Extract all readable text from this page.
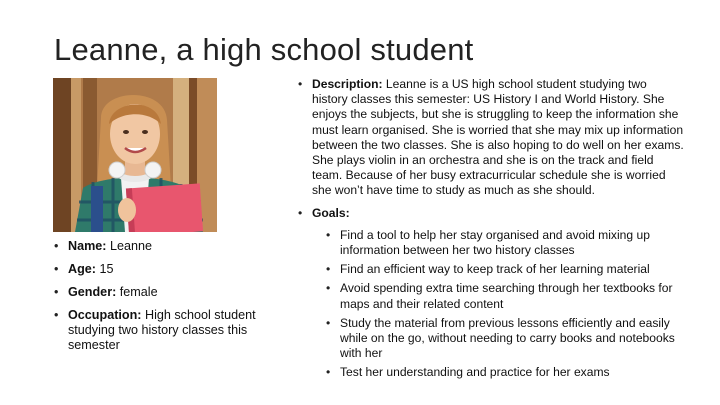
Leanne, a high school student
• Name: Leanne
• Age: 15
• Gender: female
• Occupation: High school student studying two history classes this semester
• Description: Leanne is a US high school student studying two history classes this semester: US History I and World History. She enjoys the subjects, but she is struggling to keep the information she must learn organised. She is worried that she may mix up information between the two classes. She is also hoping to do well on her exams. She plays violin in an orchestra and she is on the track and field team. Because of her busy extracurricular schedule she is worried she won’t have time to study as much as she should.
• Goals:
• Find a tool to help her stay organised and avoid mixing up information between her two history classes
• Find an efficient way to keep track of her learning material
• Avoid spending extra time searching through her textbooks for maps and their related content
• Study the material from previous lessons efficiently and easily while on the go, without needing to carry books and notebooks with her
• Test her understanding and practice for her exams
